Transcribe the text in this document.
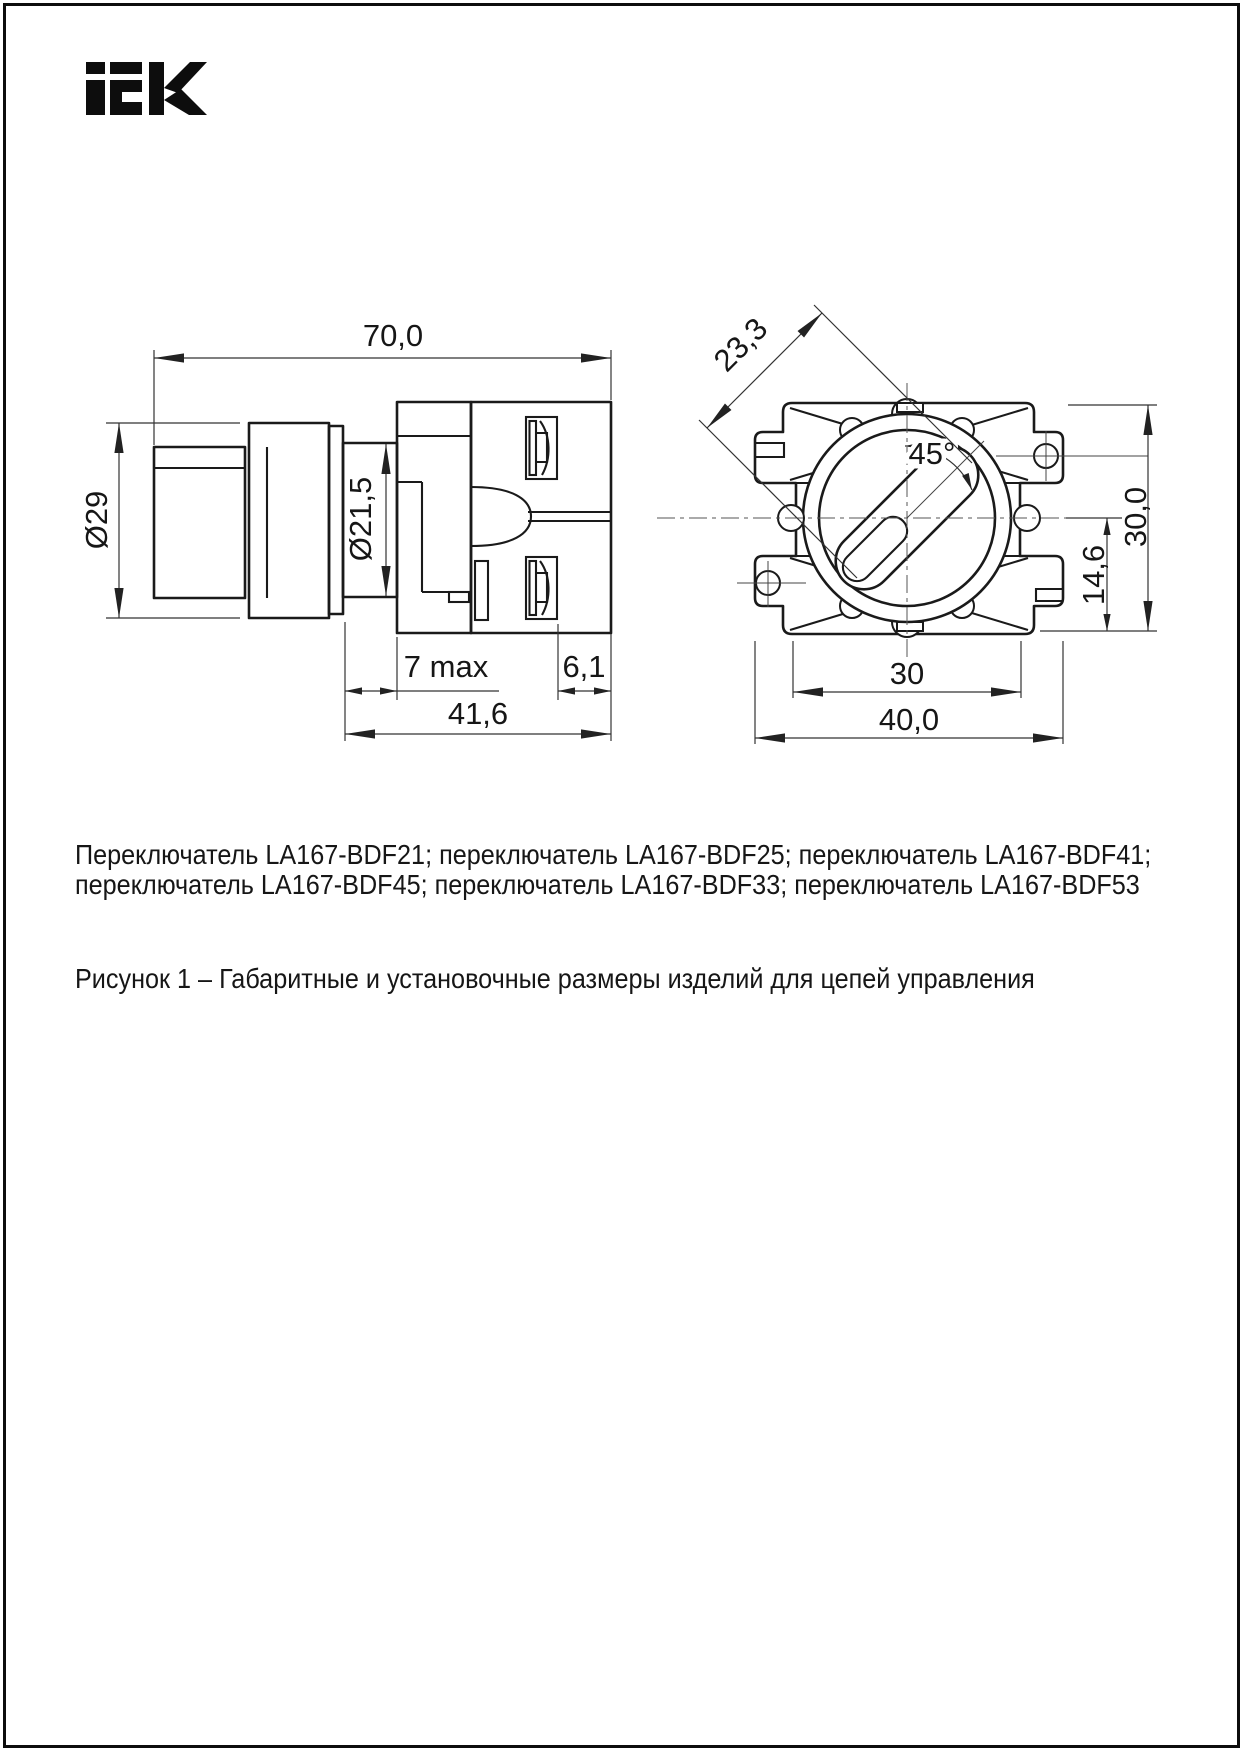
70,0
Ø29	Ø21,5
7 max 6,1
41,6
45°
23,3
30
40,0
30,0
14,6
Переключатель LA167-BDF21; переключатель LA167-BDF25; переключатель LA167-BDF41;
переключатель LA167-BDF45; переключатель LA167-BDF33; переключатель LA167-BDF53
Рисунок 1 – Габаритные и установочные размеры изделий для цепей управления
